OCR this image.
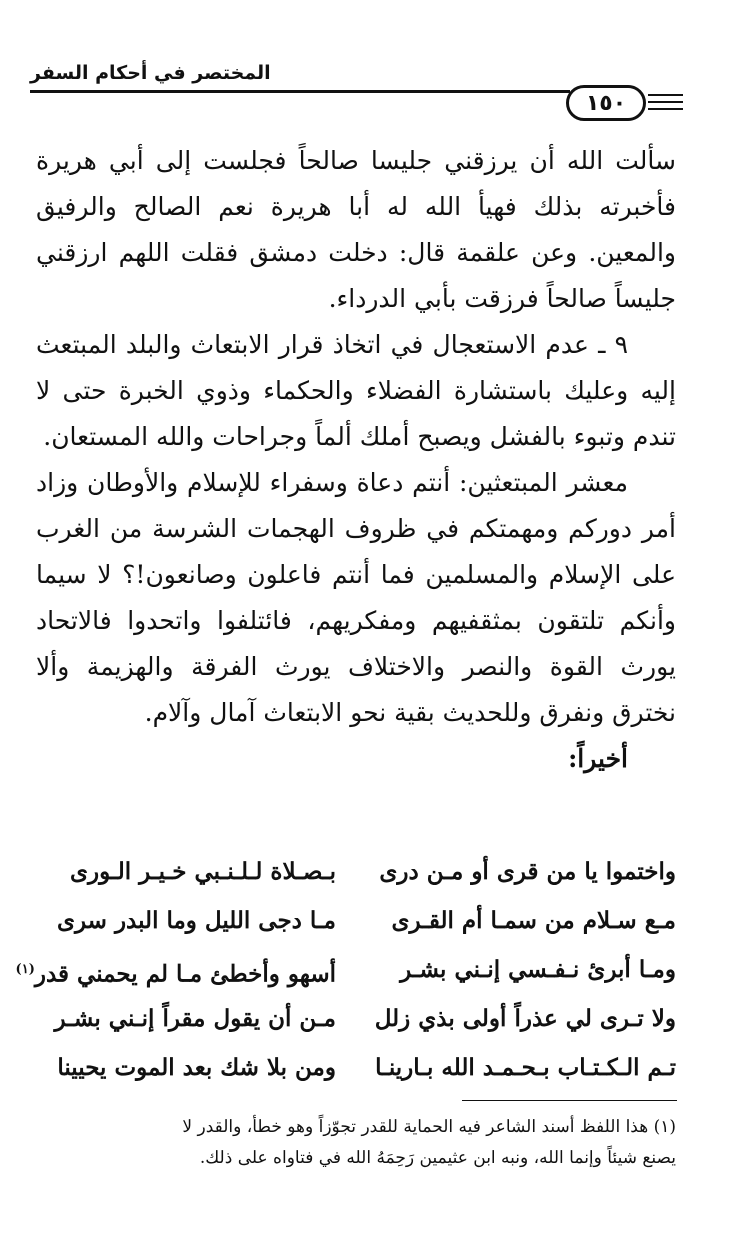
المختصر في أحكام السفر
١٥٠

سألت الله أن يرزقني جليسا صالحاً فجلست إلى أبي هريرة فأخبرته بذلك فهيأ الله له أبا هريرة نعم الصالح والرفيق والمعين. وعن علقمة قال: دخلت دمشق فقلت اللهم ارزقني جليساً صالحاً فرزقت بأبي الدرداء.

٩ ـ عدم الاستعجال في اتخاذ قرار الابتعاث والبلد المبتعث إليه وعليك باستشارة الفضلاء والحكماء وذوي الخبرة حتى لا تندم وتبوء بالفشل ويصبح أملك ألماً وجراحات والله المستعان.

معشر المبتعثين: أنتم دعاة وسفراء للإسلام والأوطان وزاد أمر دوركم ومهمتكم في ظروف الهجمات الشرسة من الغرب على الإسلام والمسلمين فما أنتم فاعلون وصانعون!؟ لا سيما وأنكم تلتقون بمثقفيهم ومفكريهم، فائتلفوا واتحدوا فالاتحاد يورث القوة والنصر والاختلاف يورث الفرقة والهزيمة وألا نخترق ونفرق وللحديث بقية نحو الابتعاث آمال وآلام.

أخيراً:

واختموا يا من قرى أو مـن درى
بـصـلاة لـلـنـبي خـيـر الـورى
مـع سـلام من سمـا أم القـرى
مـا دجى الليل وما البدر سرى
ومـا أبرئ نـفـسي إنـني بشـر
أسهو وأخطئ مـا لم يحمني قدر$^{(١)}$
ولا تـرى لي عذراً أولى بذي زلل
مـن أن يقول مقراً إنـني بشـر
تـم الـكـتـاب بـحـمـد الله بـارينـا
ومن بلا شك بعد الموت يحيينا

(١) هذا اللفظ أسند الشاعر فيه الحماية للقدر تجوّزاً وهو خطأ، والقدر لا

يصنع شيئاً وإنما الله، ونبه ابن عثيمين رَحِمَهُ الله في فتاواه على ذلك.
